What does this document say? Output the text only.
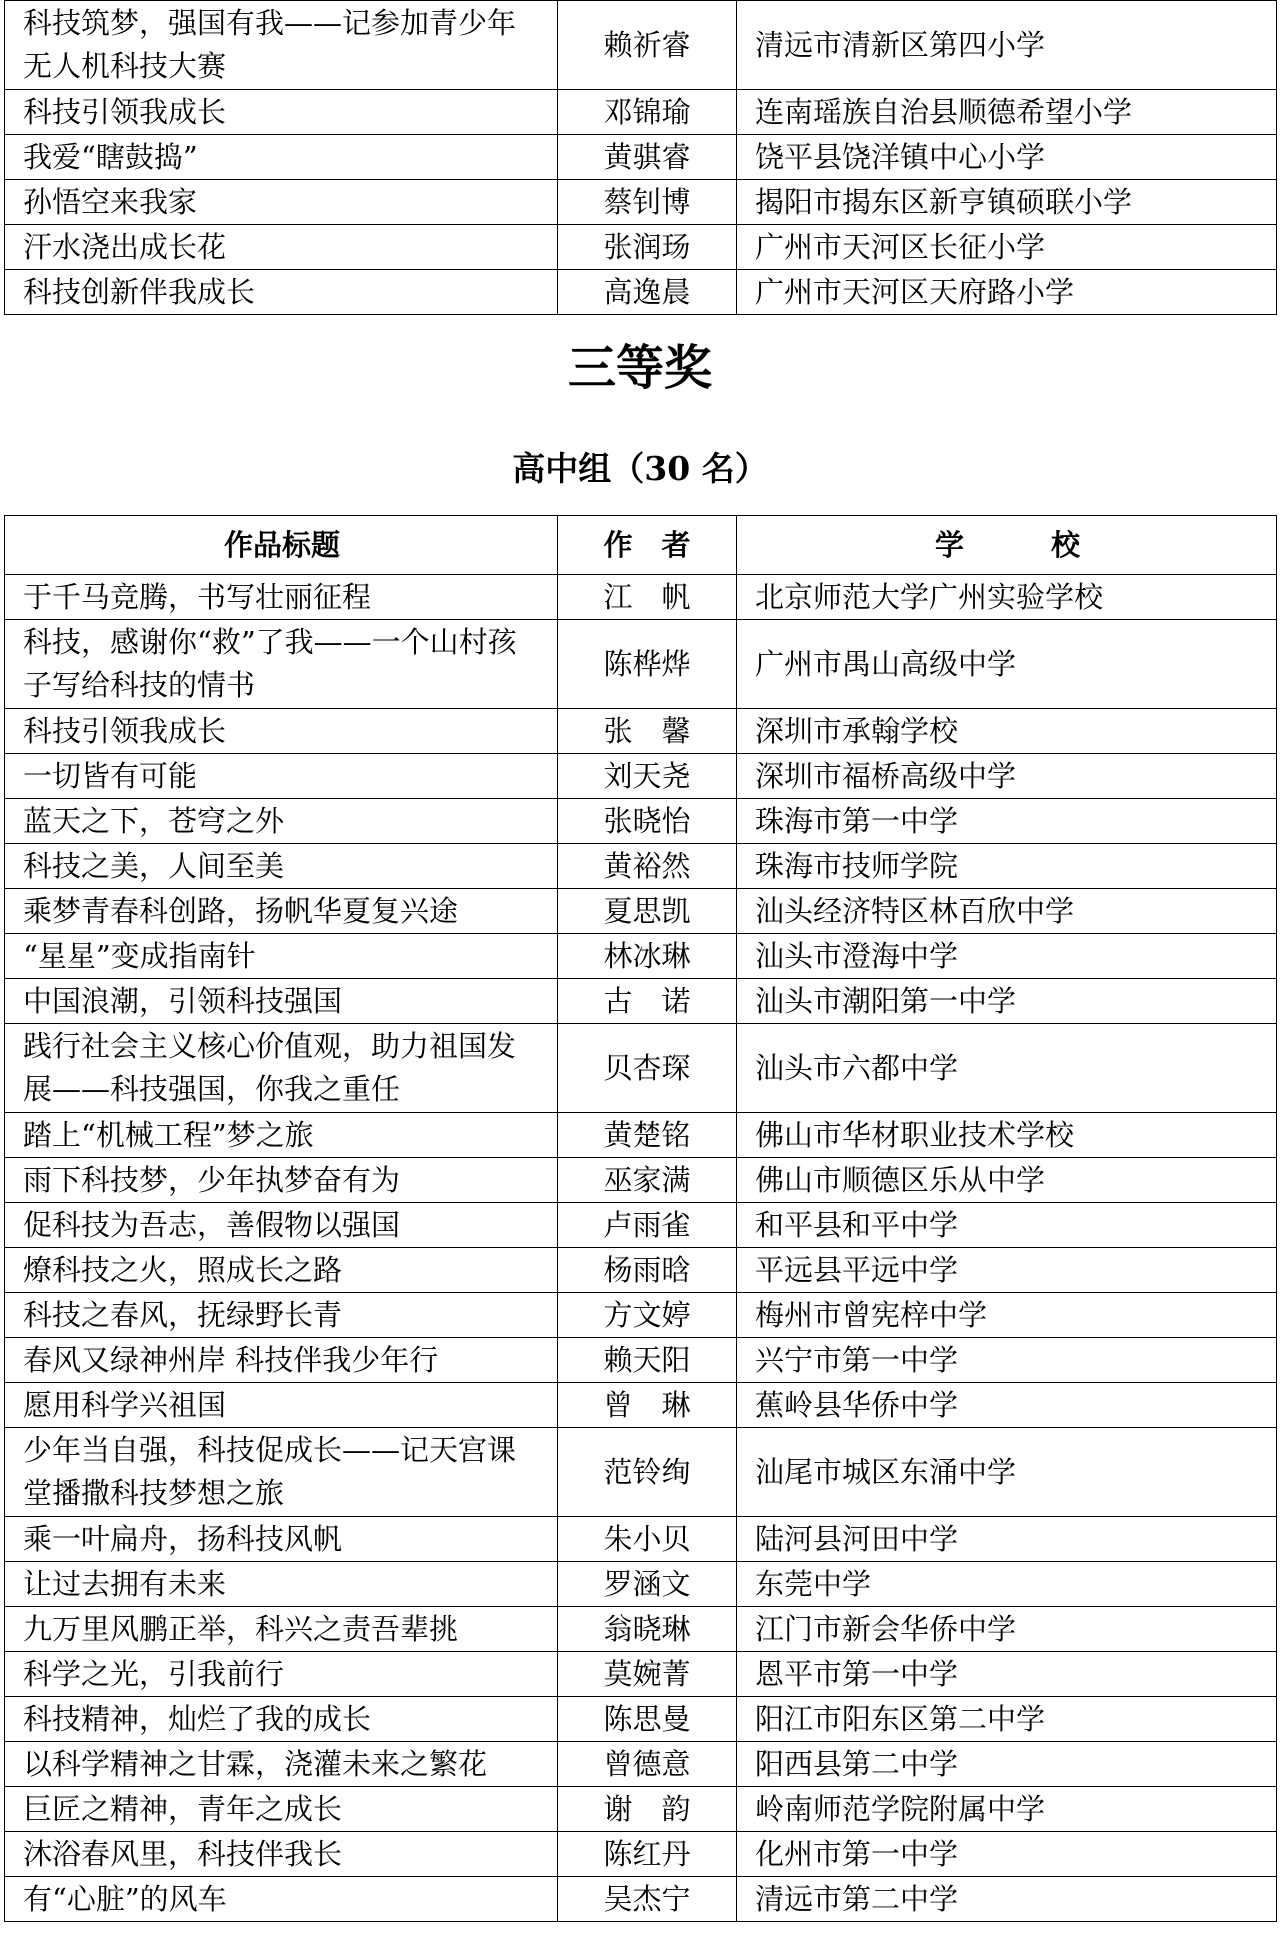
科技筑梦，强国有我——记参加青少年无人机科技大赛	赖祈睿	清远市清新区第四小学
科技引领我成长	邓锦瑜	连南瑶族自治县顺德希望小学
我爱“瞎鼓捣”	黄骐睿	饶平县饶洋镇中心小学
孙悟空来我家	蔡钊博	揭阳市揭东区新亨镇硕联小学
汗水浇出成长花	张润玚	广州市天河区长征小学
科技创新伴我成长	高逸晨	广州市天河区天府路小学
三等奖
高中组（30 名）
作品标题	作　者	学　　　校
于千马竞腾，书写壮丽征程	江　帆	北京师范大学广州实验学校
科技，感谢你“救”了我——一个山村孩子写给科技的情书	陈桦烨	广州市禺山高级中学
科技引领我成长	张　馨	深圳市承翰学校
一切皆有可能	刘天尧	深圳市福桥高级中学
蓝天之下，苍穹之外	张晓怡	珠海市第一中学
科技之美，人间至美	黄裕然	珠海市技师学院
乘梦青春科创路，扬帆华夏复兴途	夏思凯	汕头经济特区林百欣中学
“星星”变成指南针	林冰琳	汕头市澄海中学
中国浪潮，引领科技强国	古　诺	汕头市潮阳第一中学
践行社会主义核心价值观，助力祖国发展——科技强国，你我之重任	贝杏琛	汕头市六都中学
踏上“机械工程”梦之旅	黄楚铭	佛山市华材职业技术学校
雨下科技梦，少年执梦奋有为	巫家满	佛山市顺德区乐从中学
促科技为吾志，善假物以强国	卢雨雀	和平县和平中学
燎科技之火，照成长之路	杨雨晗	平远县平远中学
科技之春风，抚绿野长青	方文婷	梅州市曾宪梓中学
春风又绿神州岸 科技伴我少年行	赖天阳	兴宁市第一中学
愿用科学兴祖国	曾　琳	蕉岭县华侨中学
少年当自强，科技促成长——记天宫课堂播撒科技梦想之旅	范铃绚	汕尾市城区东涌中学
乘一叶扁舟，扬科技风帆	朱小贝	陆河县河田中学
让过去拥有未来	罗涵文	东莞中学
九万里风鹏正举，科兴之责吾辈挑	翁晓琳	江门市新会华侨中学
科学之光，引我前行	莫婉菁	恩平市第一中学
科技精神，灿烂了我的成长	陈思曼	阳江市阳东区第二中学
以科学精神之甘霖，浇灌未来之繁花	曾德意	阳西县第二中学
巨匠之精神，青年之成长	谢　韵	岭南师范学院附属中学
沐浴春风里，科技伴我长	陈红丹	化州市第一中学
有“心脏”的风车	吴杰宁	清远市第二中学
